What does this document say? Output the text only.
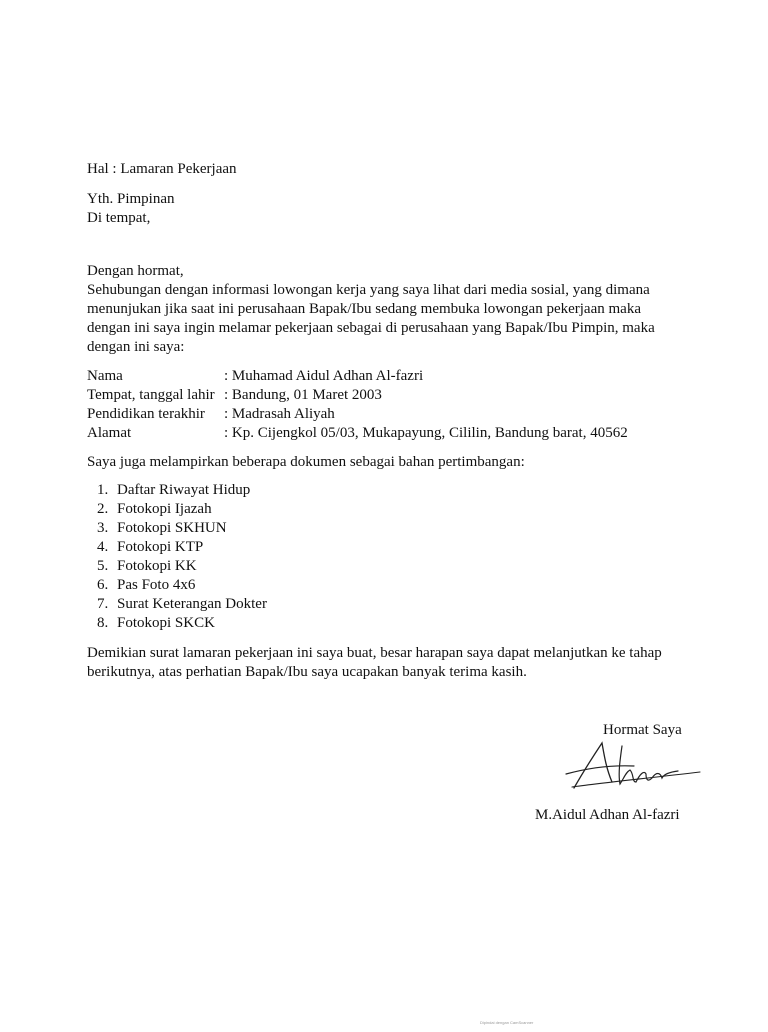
Hal : Lamaran Pekerjaan
Yth. Pimpinan
Di tempat,
Dengan hormat,

Sehubungan dengan informasi lowongan kerja yang saya lihat dari media sosial, yang dimana

menunjukan jika saat ini perusahaan Bapak/Ibu sedang membuka lowongan pekerjaan maka

dengan ini saya ingin melamar pekerjaan sebagai di perusahaan yang Bapak/Ibu Pimpin, maka

dengan ini saya:

Nama	: Muhamad Aidul Adhan Al-fazri
Tempat, tanggal lahir : Bandung, 01 Maret 2003
Pendidikan terakhir : Madrasah Aliyah
Alamat	: Kp. Cijengkol 05/03, Mukapayung, Cililin, Bandung barat, 40562
Saya juga melampirkan beberapa dokumen sebagai bahan pertimbangan:
1. Daftar Riwayat Hidup
2. Fotokopi Ijazah
3. Fotokopi SKHUN
4. Fotokopi KTP
5. Fotokopi KK
6. Pas Foto 4x6
7. Surat Keterangan Dokter
8. Fotokopi SKCK

Demikian surat lamaran pekerjaan ini saya buat, besar harapan saya dapat melanjutkan ke tahap

berikutnya, atas perhatian Bapak/Ibu saya ucapakan banyak terima kasih.

Hormat Saya
M.Aidul Adhan Al-fazri
Dipindai dengan CamScanner
